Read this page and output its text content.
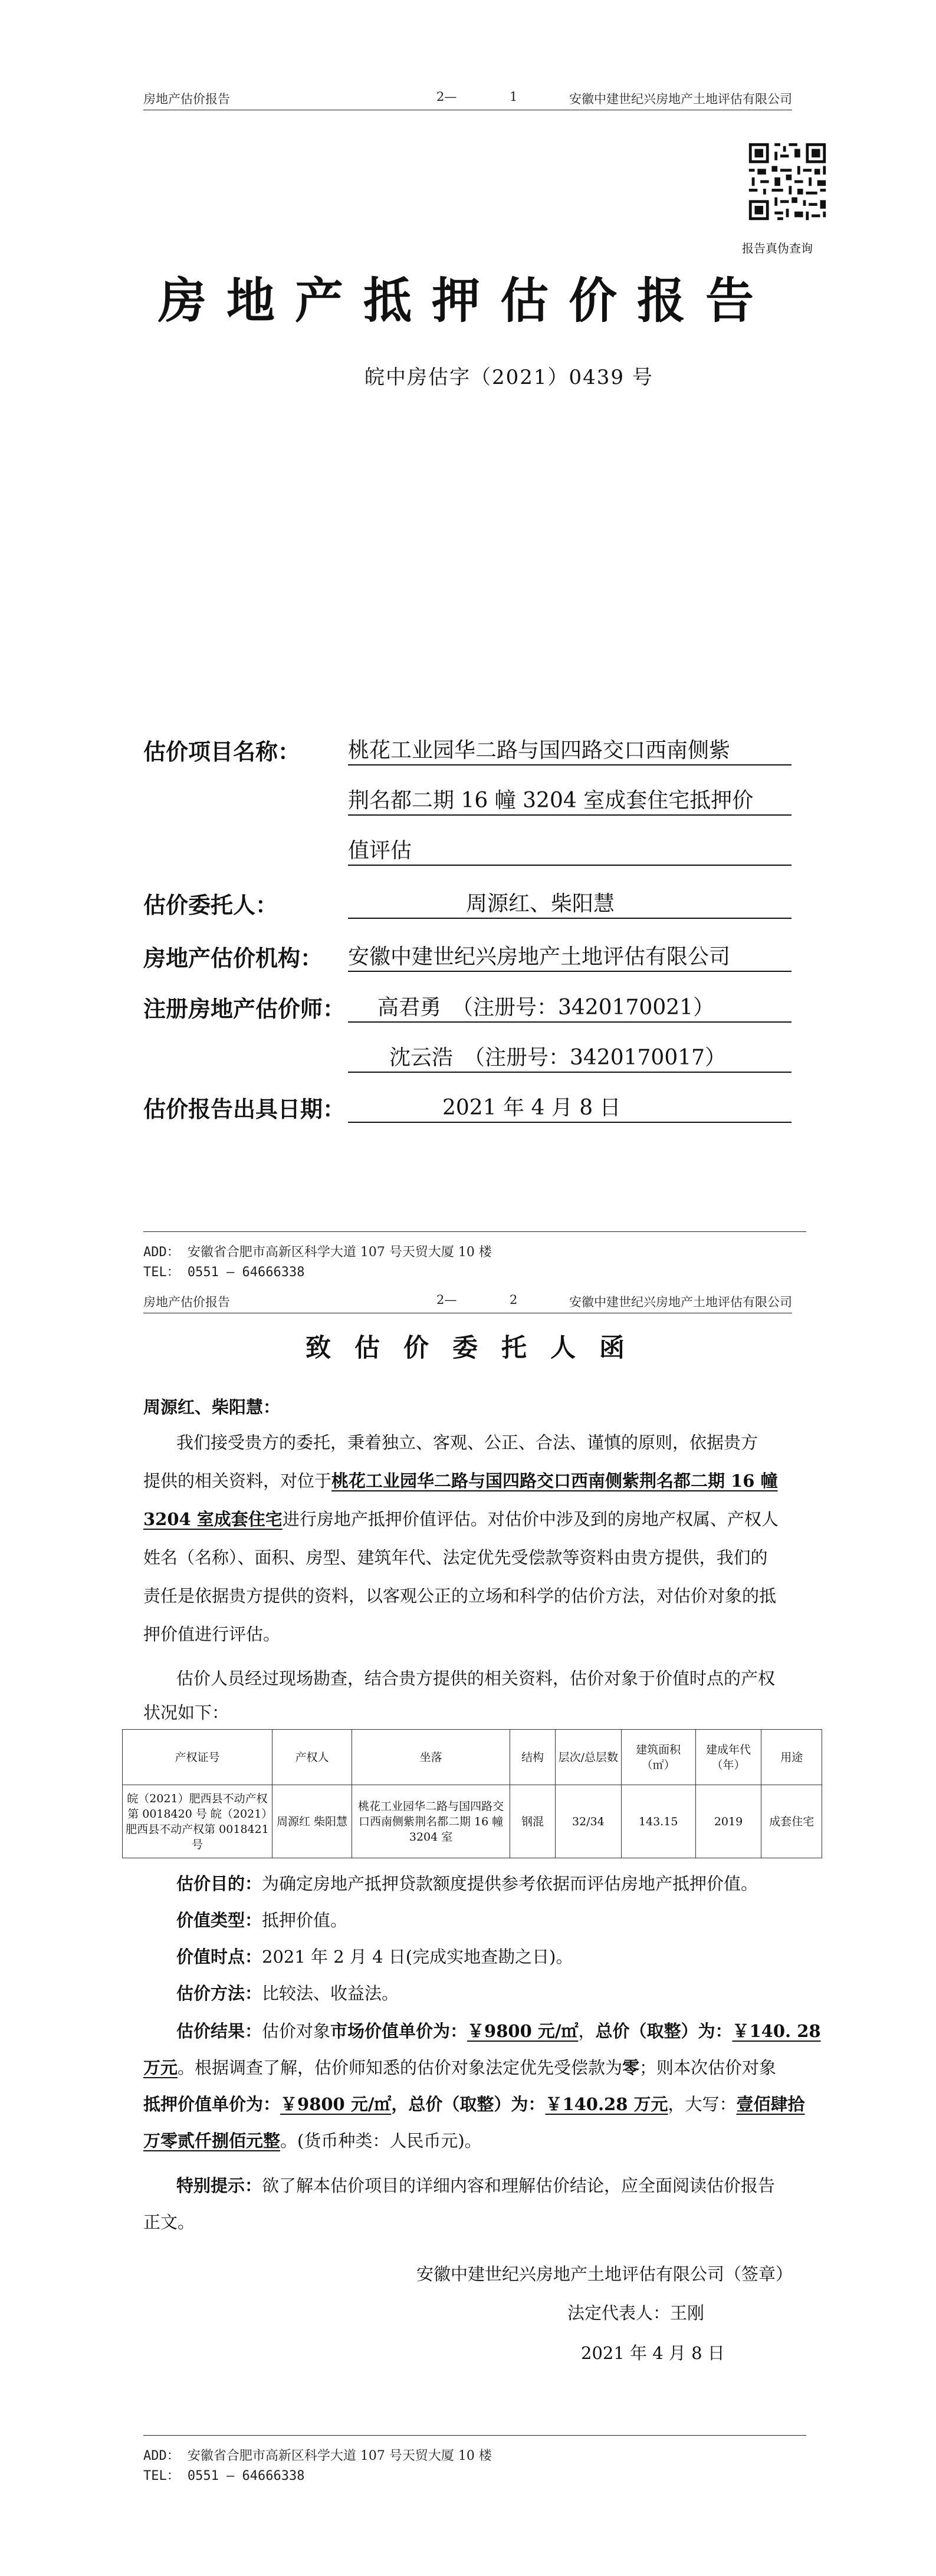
房地产估价报告	2—	1	安徽中建世纪兴房地产土地评估有限公司
报告真伪查询
房地产抵押估价报告
皖中房估字（2021）0439 号
估价项目名称： 桃花工业园华二路与国四路交口西南侧紫
荆名都二期 16 幢 3204 室成套住宅抵押价
值评估
估价委托人：	周源红、柴阳慧
房地产估价机构： 安徽中建世纪兴房地产土地评估有限公司
注册房地产估价师： 高君勇　（注册号：3420170021）
沈云浩　（注册号：3420170017）
估价报告出具日期：	2021 年 4 月 8 日
ADD： 安徽省合肥市高新区科学大道 107 号天贸大厦 10 楼
TEL： 0551 — 64666338
房地产估价报告	2—	2	安徽中建世纪兴房地产土地评估有限公司
致估价委托人函
周源红、柴阳慧：
我们接受贵方的委托，秉着独立、客观、公正、合法、谨慎的原则，依据贵方
提供的相关资料，对位于桃花工业园华二路与国四路交口西南侧紫荆名都二期 16 幢
3204 室成套住宅进行房地产抵押价值评估。对估价中涉及到的房地产权属、产权人
姓名（名称）、面积、房型、建筑年代、法定优先受偿款等资料由贵方提供，我们的
责任是依据贵方提供的资料，以客观公正的立场和科学的估价方法，对估价对象的抵
押价值进行评估。
估价人员经过现场勘查，结合贵方提供的相关资料，估价对象于价值时点的产权
状况如下：
产权证号	产权人	坐落	结构	层次/总层数	建筑面积（㎡）	建成年代（年）	用途
皖（2021）肥西县不动产权第 0018420 号 皖（2021）肥西县不动产权第 0018421 号	周源红 柴阳慧	桃花工业园华二路与国四路交口西南侧紫荆名都二期 16 幢 3204 室	钢混	32/34	143.15	2019	成套住宅
估价目的：为确定房地产抵押贷款额度提供参考依据而评估房地产抵押价值。
价值类型：抵押价值。
价值时点：2021 年 2 月 4 日(完成实地查勘之日)。
估价方法：比较法、收益法。
估价结果：估价对象市场价值单价为：￥9800 元/㎡，总价（取整）为：￥140. 28
万元。根据调查了解，估价师知悉的估价对象法定优先受偿款为零；则本次估价对象
抵押价值单价为：￥9800 元/㎡，总价（取整）为：￥140.28 万元，大写：壹佰肆拾
万零贰仟捌佰元整。(货币种类：人民币元)。
特别提示：欲了解本估价项目的详细内容和理解估价结论，应全面阅读估价报告
正文。
安徽中建世纪兴房地产土地评估有限公司（签章）
法定代表人：王刚
2021 年 4 月 8 日
ADD： 安徽省合肥市高新区科学大道 107 号天贸大厦 10 楼
TEL： 0551 — 64666338
